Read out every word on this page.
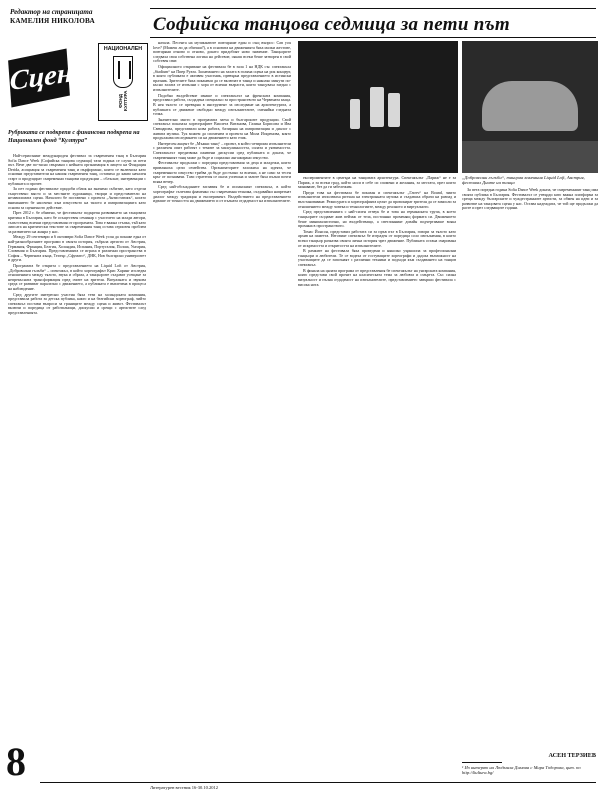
Редактор на страницата
КАМЕЛИЯ НИКОЛОВА	Софийска танцова седмица за пети път
Сцена
НАЦИОНАЛЕН
ФОНД КУЛТУРА
Рубриката се подкрепя с финансова подкрепа на Национален фонд “Култура”

Най-сериозният международен фестивал за съвременен танц в България Sofia Dance Week (Софийска танцова седмица) тази година се случи за пети път. Вече две по-тясно свързани с нейната организация в лицето на Фондация Derida, асоциация за съвременен танц и пърформанс, които се включиха като основни представители на нашия съвременен танц, оставиха до какво начален старт и продуцират съвременни танцови продукции – сблъскат, интервенции с публиката и прочее.

За пет години фестивалът придоби облик на значимо събитие, като отдели съществено място и за местните художници, творци и представители на независимата сцена. Началото бе поставено с проекта „Антистатикъ“, когато вниманието бе насочено към изкуството на тялото и импровизацията като основа за сценичното действие.

През 2012 г. бе обявено, че фестивалът подкрепя развиването на танцовата критика в България, като бе осъществен семинар с участието на млади автори, съпътстващ всички представления от програмата. Това е важна стъпка, тъй като липсата на критически текстове за съвременния танц остава сериозен проблем за развитието на жанра у нас.

Между 29 септември и 6 октомври Sofia Dance Week успя да покаже една от най-разнообразните програми в своята история, събрала артисти от Австрия, Германия, Франция, Белгия, Холандия, Испания, Португалия, Полша, Унгария, Словения и България. Представленията се играха в различни пространства в София – Червената къща, Театър „Сфумато“, ДНК, Нов български университет и други.

Програмата бе открита с представлението на Liquid Loft от Австрия, „Доброволни гълъби“ – спектакъл, в който хореографът Крис Харинг изследва отношенията между тялото, звука и образа, а танцьорите създават усещане за непрекъсната трансформация пред очите на зрителя. Визуалната и звукова среда се развиват паралелно с движението, а публиката е въвлечена в процеса на наблюдение.

Сред другите интересни участия бяха тези на холандската компания, представила работа за детска публика, както и на белгийски хореограф, чийто спектакъл постави въпроси за границите между сцена и живот. Фестивалът включи и поредица от работилници, дискусии и срещи с артистите след представленията.

начала. Песента на музикантите повтаряше един и същ въпрос: Can you love? (Можеш ли да обичаш?), а в основата на движенията бяха малки жестове, повтаряни отново и отново, докато придобият ново значение. Танцьорите следваха своя собствена логика на действие, сякаш всеки беше затворен в свой собствен свят.

Официалното откриване на фестивала бе в зала 1 на НДК със спектакъла „Stadium“ на Пиер Руаза. Заснемането на залата в голяма сцена на рок концерт, в която публиката е активен участник, превърна представлението в истински празник. Зрителите бяха поканени да се включат в танца и няколко минути по-късно залата се изпълни с хора от всички възрасти, които танцуваха заедно с изпълнителите.

Подобно въздействие имаше и спектакълът на френската компания, представил работа, създадена специално за пространството на Червената къща. В нея тялото се превърна в инструмент за изследване на архитектурата, а публиката се движеше свободно между изпълнителите, сменяйки гледната точка.

Значително място в програмата заеха и българските продукции. Свой спектакъл показаха хореографите Виолета Витанова, Галина Борисова и Ива Свещарова, представили нова работа, базирана на импровизация и диалог с живата музика. Тук можем да споменем и проекта на Мила Искренова, която продължава изследването си на движението като език.

Интересен акцент бе „Мъжки танц“ – проект, в който четирима изпълнители с различен опит работят с темите за маскулинността, силата и уязвимостта. Спектакълът предизвика оживени дискусии сред публиката и доказа, че съвременният танц може да бъде и социално ангажирано изкуство.

Фестивалът продължи с поредица представления за деца и младежи, които привлякоха цели семейства. Организаторите заложиха на идеята, че съвременното изкуство трябва да бъде достъпно за всички, а не само за тесен кръг от познавачи. Тази стратегия се оказа успешна и залите бяха пълни почти всяка вечер.

Сред най-обсъжданите заглавия бе и испанският спектакъл, в който хореографът съчетава фламенко със съвременна техника, създавайки напрегнат диалог между традиция и експеримент. Въздействието на представлението идваше от точността на движението и от пълната отдаденост на изпълнителите.

„Доброволни гълъби“, танцова компания Liquid Loft, Австрия, фестивал Дните на танца

експериментите в центъра на танцовата архитектура. Спектакълът „Париж“ не е за Париж, а за всеки град, който носи в себе си спомени и желания, за местата, през които минаваме, без да ги забележим.

Преди това на фестивала бе показан и спектакълът „Глитч“ на Bound, чиито изпълнители използваха ритъма на електронната музика и създаваха образи на разпад и възстановяване. Режисурата и хореографията целят да провокират зрителя да се замисли за отношението между човека и технологиите, между реалното и виртуалното.

Сред представленията с най-силен отзвук бе и това на германската трупа, в което танцьорите създават жив пейзаж от тела, постоянно променящ формата си. Движението беше минималистично, но въздействащо, а светлинният дизайн подчертаваше всяка промяна в пространството.

Томас Йонсон, представил работата си за пръв път в България, говори за тялото като архив на паметта. Неговият спектакъл бе изграден от поредица соло изпълнения, в които всеки танцьор разказва своята лична история чрез движение. Публиката остана очарована от искреността и откритостта на изпълнителите.

В рамките на фестивала бяха проведени и няколко уъркшопа за професионални танцьори и любители. Те се водеха от гостуващите хореографи и дадоха възможност на участниците да се запознаят с различни техники и подходи към създаването на танцов спектакъл.

В финала на цялата програма от представления бе спектакълът на унгарската компания, която представи свой прочит на класическата тема за любовта и смъртта. Със силна визуалност и пълна отдаденост на изпълнителите, представлението завърши фестивала с висока нота.

За пета поредна година Sofia Dance Week доказа, че съвременният танц има своята публика в България. Фестивалът се утвърди като важна платформа за среща между българските и чуждестранните артисти, за обмен на идеи и за развитие на танцовата сцена у нас. Остава надеждата, че той ще продължи да расте и през следващите години.

АСЕН ТЕРЗИЕВ
¹ Из интервю на Людмила Димова с Мира Тодорова, цит. по http://kultura.bg/
8
Литературен вестник 16-30.10.2012
